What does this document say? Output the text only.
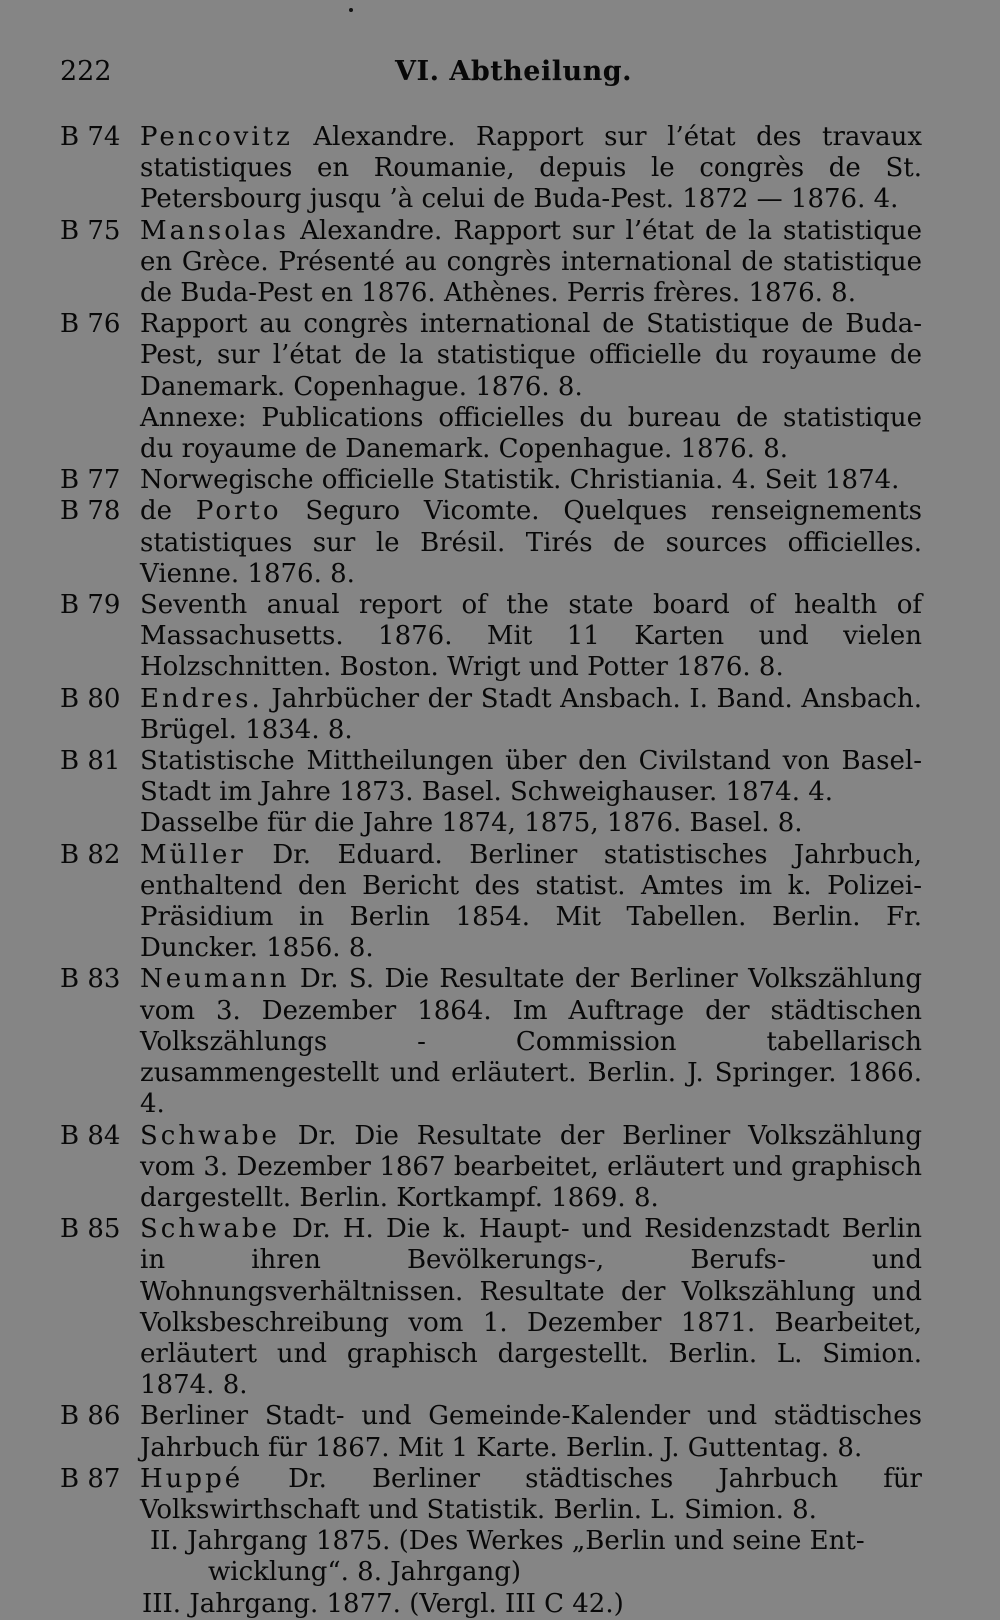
222	VI. Abtheilung.
B 74 Pencovitz Alexandre. Rapport sur l’état des travaux statistiques en Roumanie, depuis le congrès de St. Petersbourg jusqu ’à celui de Buda-Pest. 1872 — 1876. 4.
B 75 Mansolas Alexandre. Rapport sur l’état de la statistique en Grèce. Présenté au congrès international de statistique de Buda-Pest en 1876. Athènes. Perris frères. 1876. 8.
B 76 Rapport au congrès international de Statistique de Buda-Pest, sur l’état de la statistique officielle du royaume de Danemark. Copenhague. 1876. 8.
Annexe: Publications officielles du bureau de statistique du royaume de Danemark. Copenhague. 1876. 8.
B 77 Norwegische officielle Statistik. Christiania. 4. Seit 1874.
B 78 de Porto Seguro Vicomte. Quelques renseignements statistiques sur le Brésil. Tirés de sources officielles. Vienne. 1876. 8.
B 79 Seventh anual report of the state board of health of Massachusetts. 1876. Mit 11 Karten und vielen Holzschnitten. Boston. Wrigt und Potter 1876. 8.
B 80 Endres. Jahrbücher der Stadt Ansbach. I. Band. Ansbach. Brügel. 1834. 8.
B 81 Statistische Mittheilungen über den Civilstand von Basel-Stadt im Jahre 1873. Basel. Schweighauser. 1874. 4.
Dasselbe für die Jahre 1874, 1875, 1876. Basel. 8.
B 82 Müller Dr. Eduard. Berliner statistisches Jahrbuch, enthaltend den Bericht des statist. Amtes im k. Polizei-Präsidium in Berlin 1854. Mit Tabellen. Berlin. Fr. Duncker. 1856. 8.
B 83 Neumann Dr. S. Die Resultate der Berliner Volkszählung vom 3. Dezember 1864. Im Auftrage der städtischen Volkszählungs - Commission tabellarisch zusammengestellt und erläutert. Berlin. J. Springer. 1866. 4.
B 84 Schwabe Dr. Die Resultate der Berliner Volkszählung vom 3. Dezember 1867 bearbeitet, erläutert und graphisch dargestellt. Berlin. Kortkampf. 1869. 8.
B 85 Schwabe Dr. H. Die k. Haupt- und Residenzstadt Berlin in ihren Bevölkerungs-, Berufs- und Wohnungsverhältnissen. Resultate der Volkszählung und Volksbeschreibung vom 1. Dezember 1871. Bearbeitet, erläutert und graphisch dargestellt. Berlin. L. Simion. 1874. 8.
B 86 Berliner Stadt- und Gemeinde-Kalender und städtisches Jahrbuch für 1867. Mit 1 Karte. Berlin. J. Guttentag. 8.
B 87 Huppé Dr. Berliner städtisches Jahrbuch für Volkswirthschaft und Statistik. Berlin. L. Simion. 8.
II. Jahrgang 1875. (Des Werkes „Berlin und seine Ent-
wicklung“. 8. Jahrgang)
III. Jahrgang. 1877. (Vergl. III C 42.)
